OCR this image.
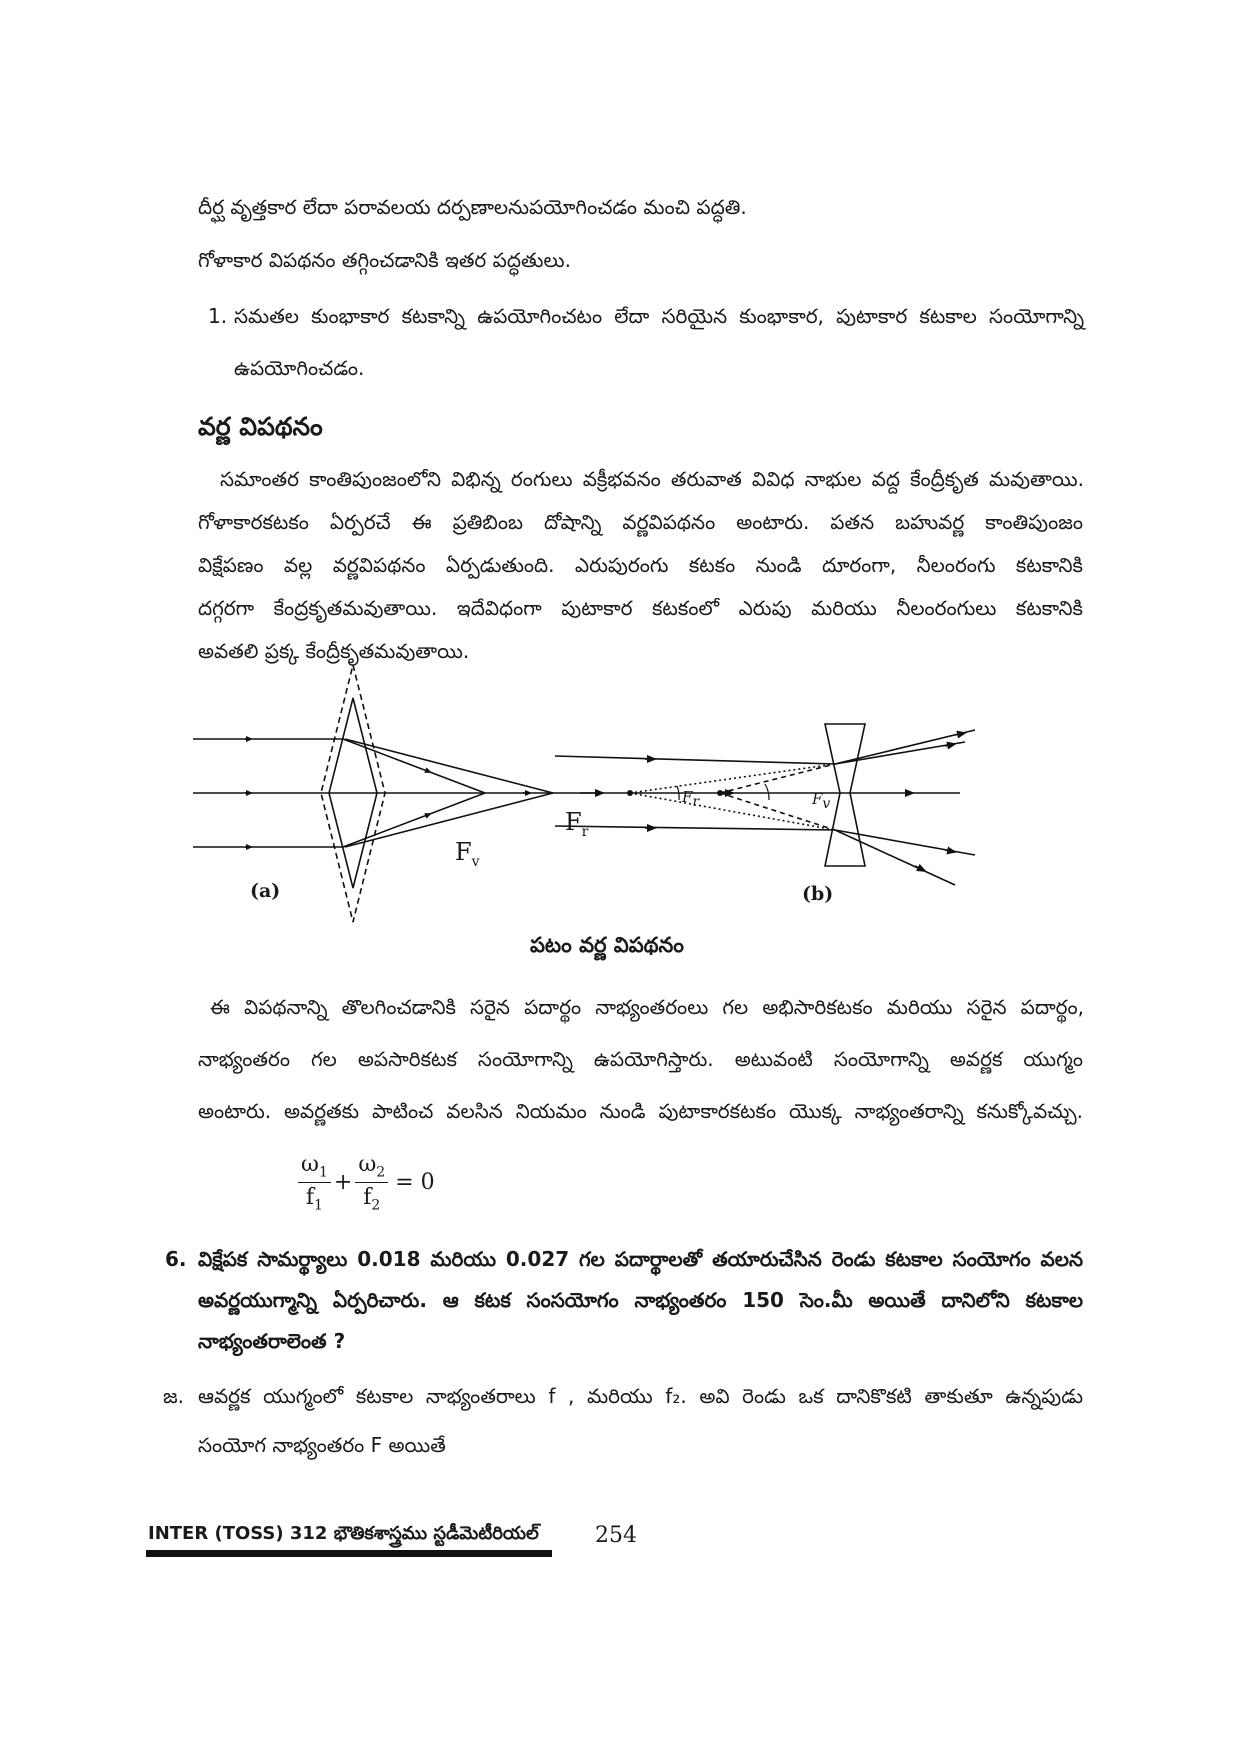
దీర్ఘ వృత్తకార లేదా పరావలయ దర్పణాలనుపయోగించడం మంచి పద్ధతి.
గోళాకార విపథనం తగ్గించడానికి ఇతర పద్ధతులు.
1. సమతల కుంభాకార కటకాన్ని ఉపయోగించటం లేదా సరియైన కుంభాకార, పుటాకార కటకాల సంయోగాన్ని
ఉపయోగించడం.
వర్ణ విపథనం
సమాంతర కాంతిపుంజంలోని విభిన్న రంగులు వక్రీభవనం తరువాత వివిధ నాభుల వద్ద కేంద్రీకృత మవుతాయి.
గోళాకారకటకం ఏర్పరచే ఈ ప్రతిబింబ దోషాన్ని వర్ణవిపథనం అంటారు. పతన బహువర్ణ కాంతిపుంజం
విక్షేపణం వల్ల వర్ణవిపథనం ఏర్పడుతుంది. ఎరుపురంగు కటకం నుండి దూరంగా, నీలంరంగు కటకానికి
దగ్గరగా కేంద్రకృతమవుతాయి. ఇదేవిధంగా పుటాకార కటకంలో ఎరుపు మరియు నీలంరంగులు కటకానికి
అవతలి ప్రక్క కేంద్రీకృతమవుతాయి.
(a)	(b)
$F_r$
$F_v$
$F_r$	$F_v$
పటం వర్ణ విపథనం
ఈ విపథనాన్ని తొలగించడానికి సరైన పదార్థం నాభ్యంతరంలు గల అభిసారికటకం మరియు సరైన పదార్థం,
నాభ్యంతరం గల అపసారికటక సంయోగాన్ని ఉపయోగిస్తారు. అటువంటి సంయోగాన్ని అవర్ణక యుగ్మం
అంటారు. అవర్ణతకు పాటించ వలసిన నియమం నుండి పుటాకారకటకం యొక్క నాభ్యంతరాన్ని కనుక్కోవచ్చు.
$\frac{\omega_1}{f_1} + \frac{\omega_2}{f_2} = 0$
6. విక్షేపక సామర్థ్యాలు 0.018 మరియు 0.027 గల పదార్థాలతో తయారుచేసిన రెండు కటకాల సంయోగం వలన
అవర్ణయుగ్మాన్ని ఏర్పరిచారు. ఆ కటక సంసయోగం నాభ్యంతరం 150 సెం.మీ అయితే దానిలోని కటకాల
నాభ్యంతరాలెంత ?
జ. ఆవర్ణక యుగ్మంలో కటకాల నాభ్యంతరాలు f , మరియు f₂. అవి రెండు ఒక దానికొకటి తాకుతూ ఉన్నపుడు
సంయోగ నాభ్యంతరం F అయితే
INTER (TOSS) 312 భౌతికశాస్త్రము స్టడీమెటీరియల్	254
